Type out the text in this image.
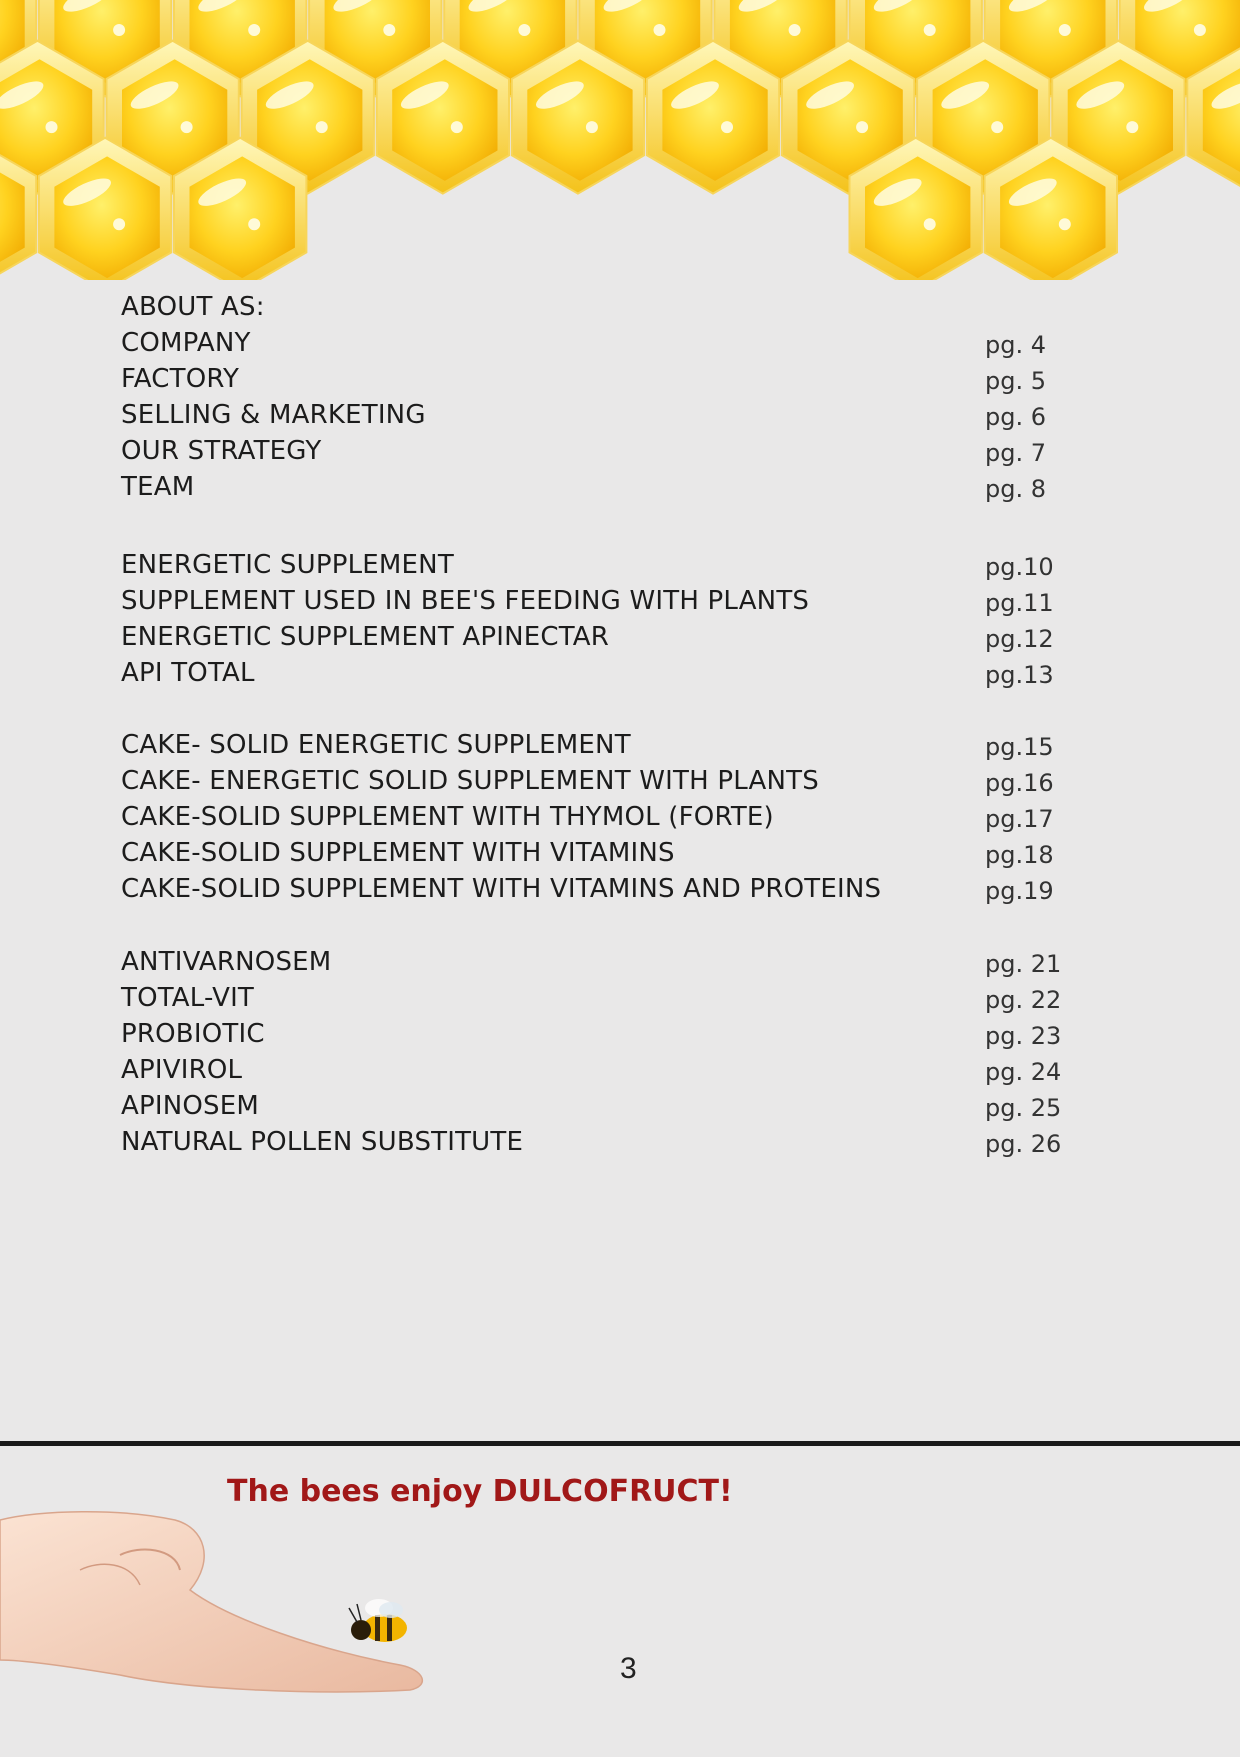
ABOUT AS:
COMPANY	pg. 4
FACTORY	pg. 5
SELLING & MARKETING	pg. 6
OUR STRATEGY	pg. 7
TEAM	pg. 8
ENERGETIC SUPPLEMENT	pg.10
SUPPLEMENT USED IN BEE'S FEEDING WITH PLANTS	pg.11
ENERGETIC SUPPLEMENT APINECTAR	pg.12
API TOTAL	pg.13
CAKE- SOLID ENERGETIC SUPPLEMENT	pg.15
CAKE- ENERGETIC SOLID SUPPLEMENT WITH PLANTS	pg.16
CAKE-SOLID SUPPLEMENT WITH THYMOL (FORTE)	pg.17
CAKE-SOLID SUPPLEMENT WITH VITAMINS	pg.18
CAKE-SOLID SUPPLEMENT WITH VITAMINS AND PROTEINS	pg.19
ANTIVARNOSEM	pg. 21
TOTAL-VIT	pg. 22
PROBIOTIC	pg. 23
APIVIROL	pg. 24
APINOSEM	pg. 25
NATURAL POLLEN SUBSTITUTE	pg. 26
The bees enjoy DULCOFRUCT!
3
